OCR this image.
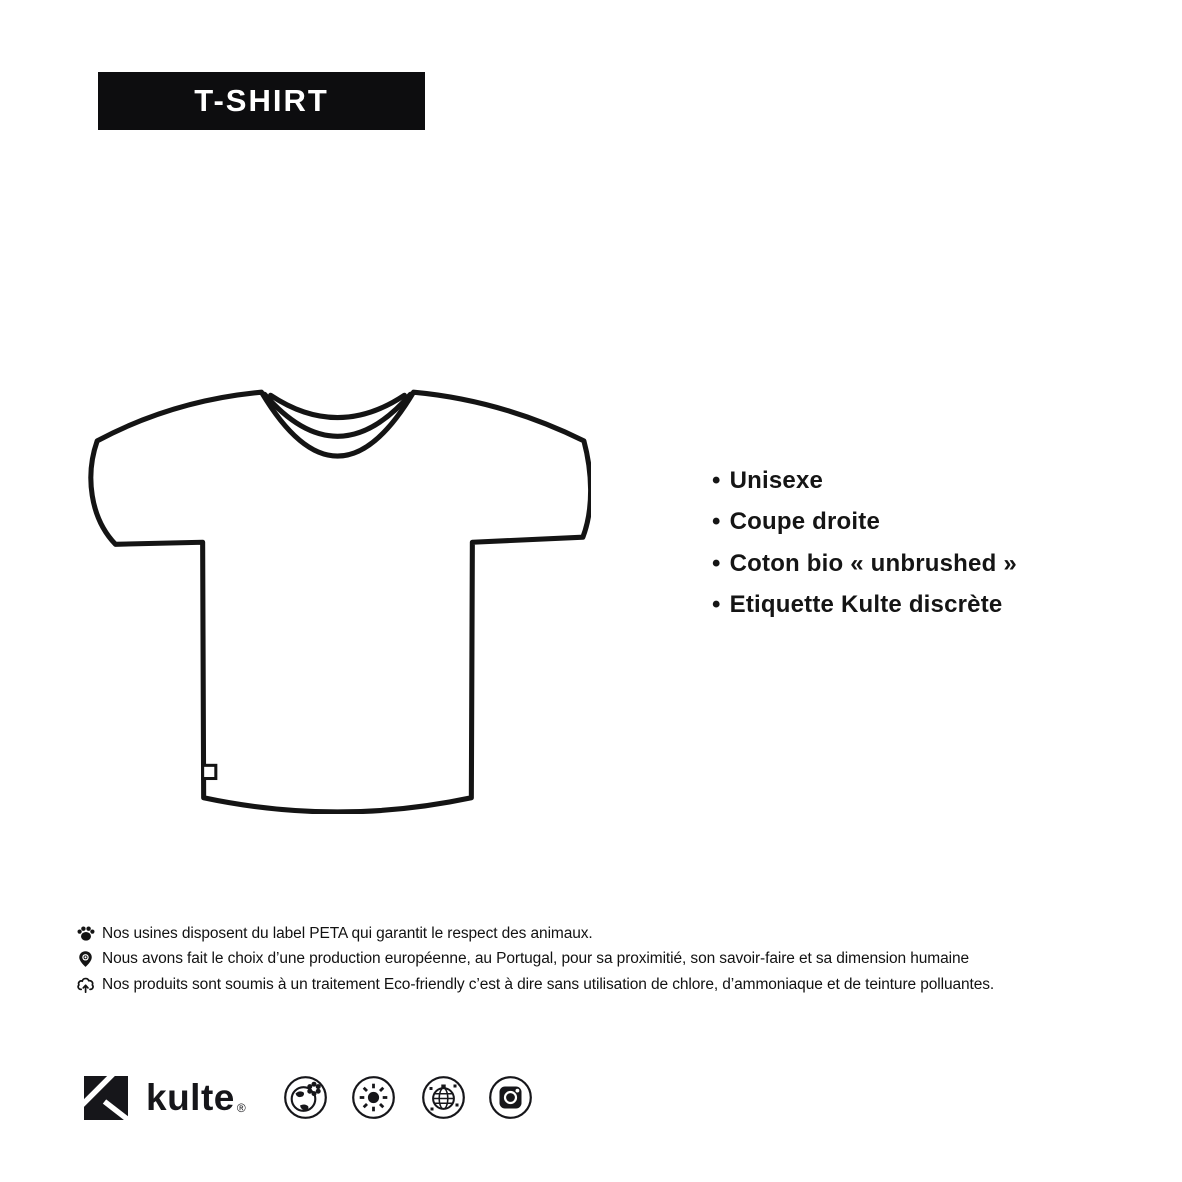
T-SHIRT
• Unisexe
• Coupe droite
• Coton bio « unbrushed »
• Etiquette Kulte discrète
Nos usines disposent du label PETA qui garantit le respect des animaux.
Nous avons fait le choix d’une production européenne, au Portugal, pour sa proximitié, son savoir-faire et sa dimension humaine
Nos produits sont soumis à un traitement Eco-friendly c’est à dire sans utilisation de chlore, d’ammoniaque et de teinture polluantes.
kulte ®
